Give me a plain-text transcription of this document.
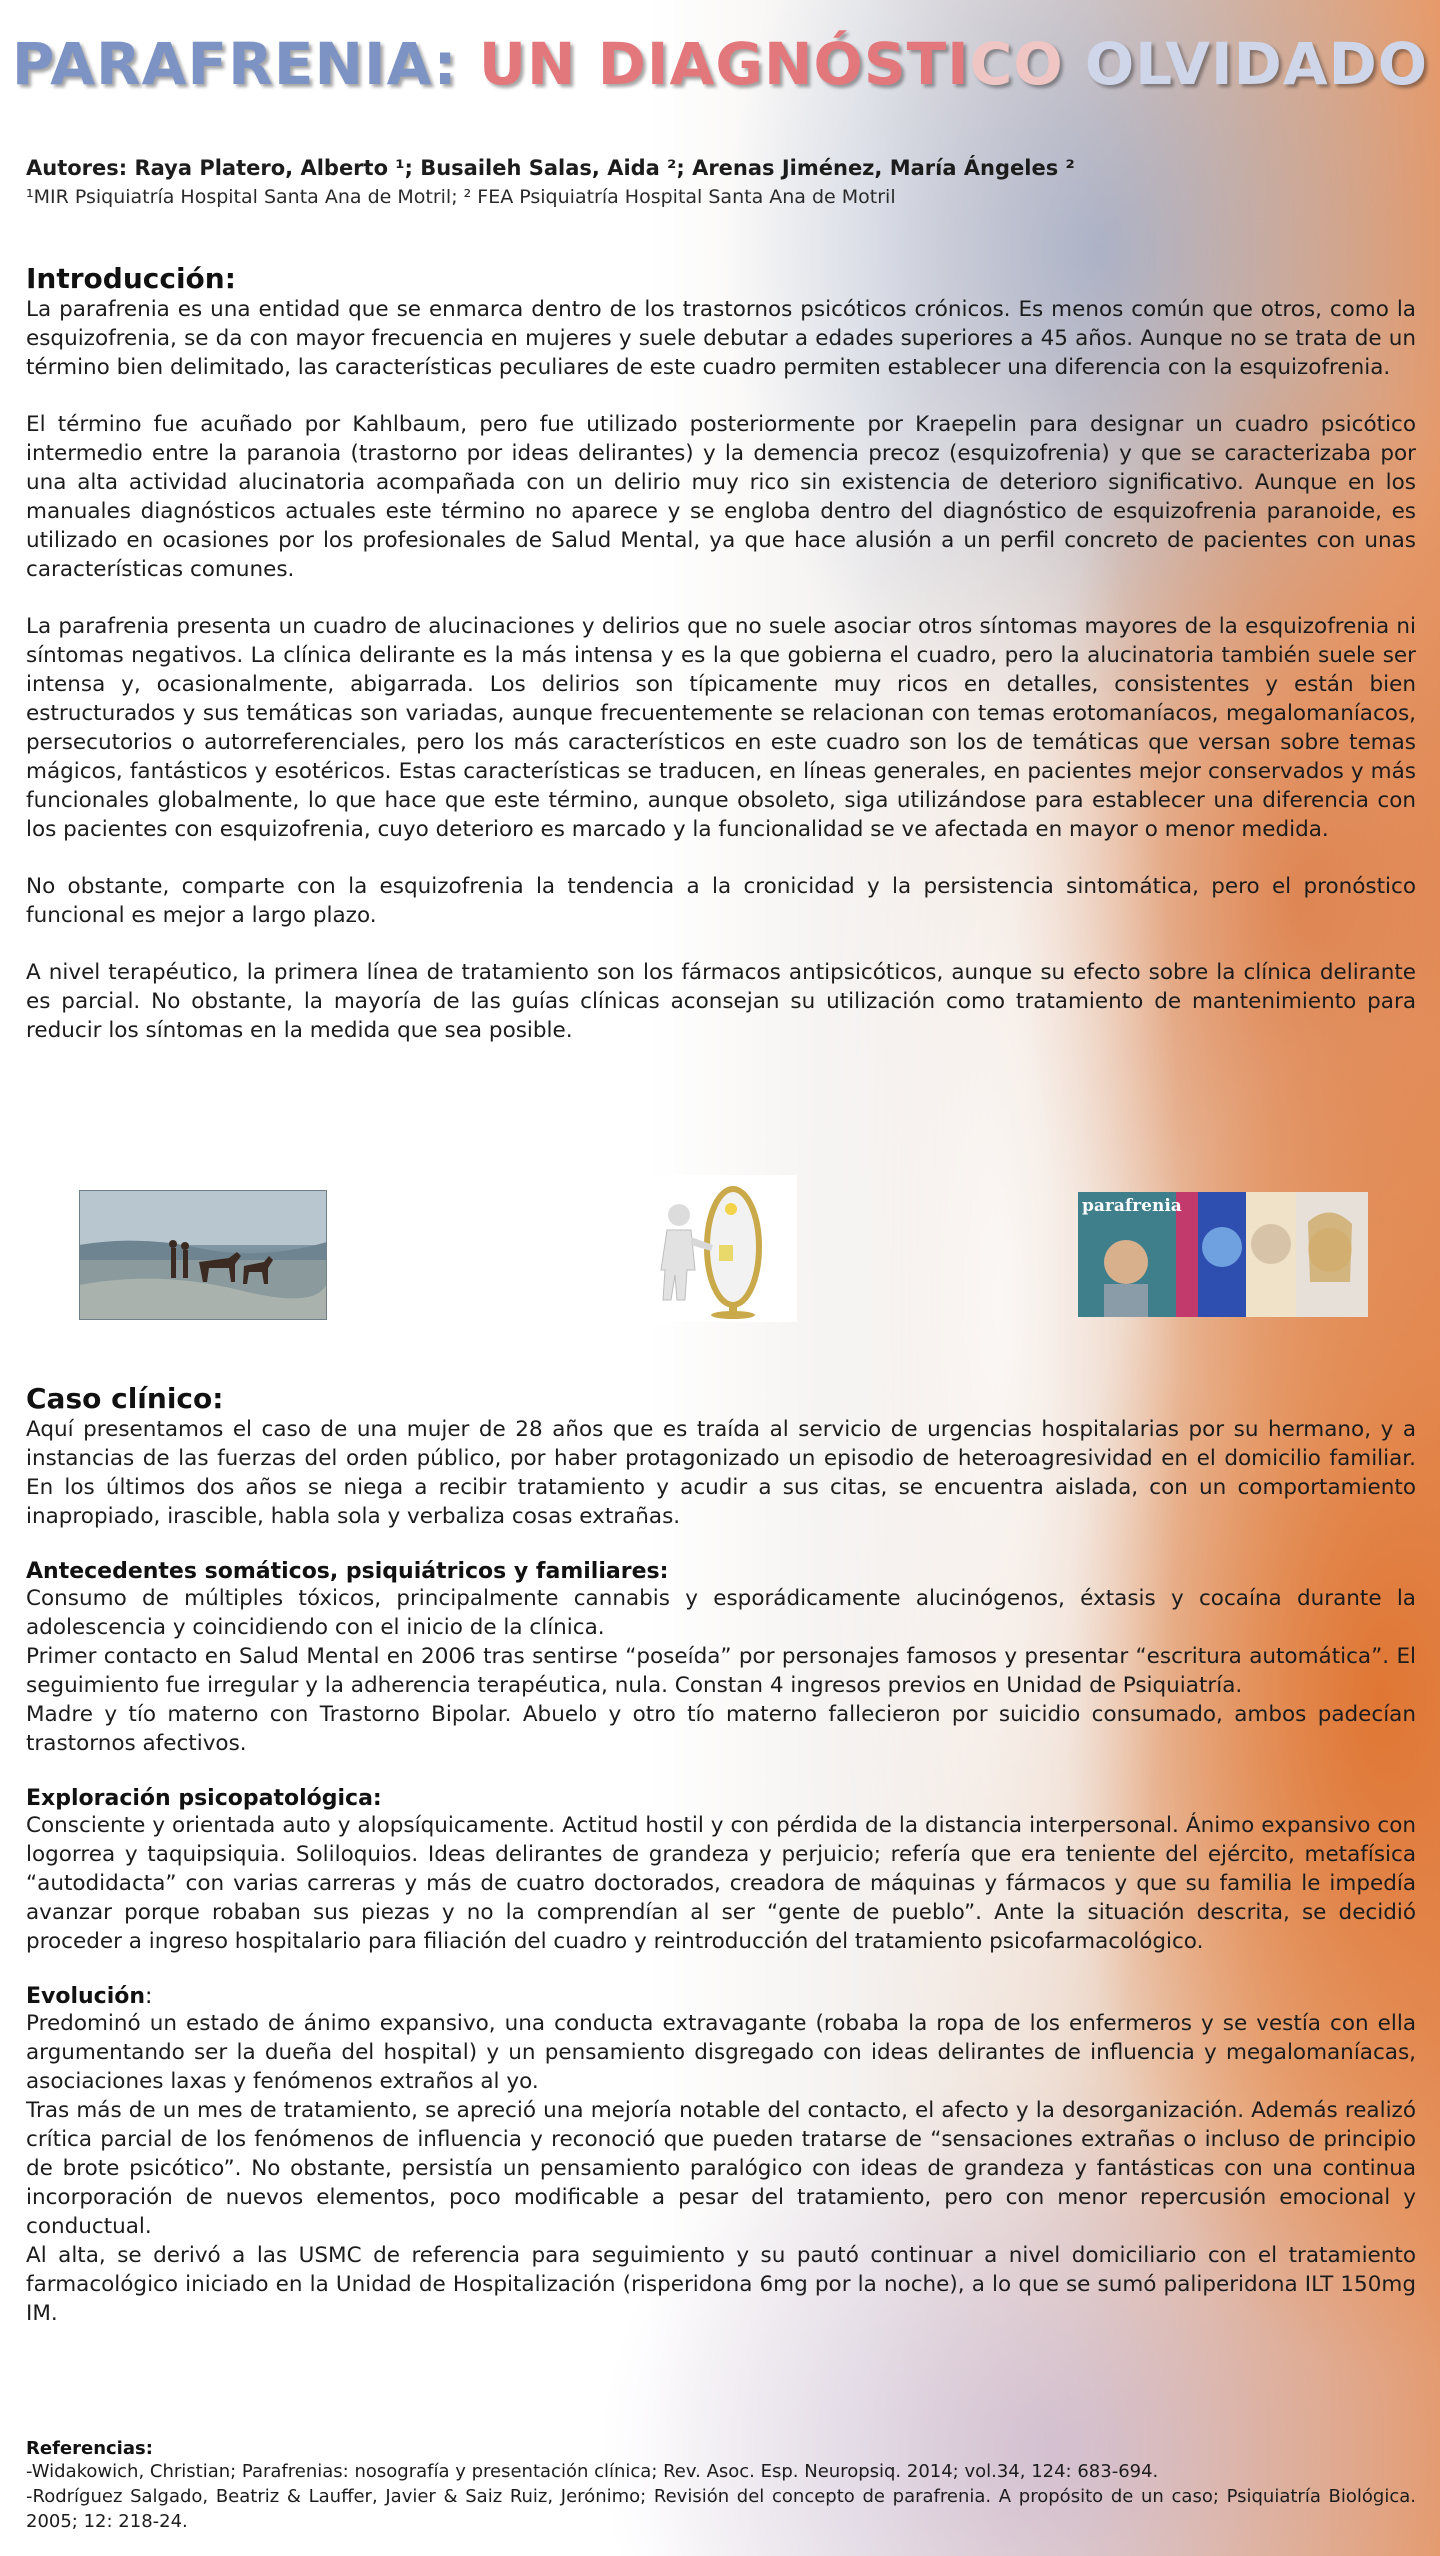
PARAFRENIA: UN DIAGNÓSTICO OLVIDADO
Autores: Raya Platero, Alberto ¹; Busaileh Salas, Aida ²; Arenas Jiménez, María Ángeles ²
¹MIR Psiquiatría Hospital Santa Ana de Motril; ² FEA Psiquiatría Hospital Santa Ana de Motril
Introducción:

La parafrenia es una entidad que se enmarca dentro de los trastornos psicóticos crónicos. Es menos común que otros, como la esquizofrenia, se da con mayor frecuencia en mujeres y suele debutar a edades superiores a 45 años. Aunque no se trata de un término bien delimitado, las características peculiares de este cuadro permiten establecer una diferencia con la esquizofrenia.

El término fue acuñado por Kahlbaum, pero fue utilizado posteriormente por Kraepelin para designar un cuadro psicótico intermedio entre la paranoia (trastorno por ideas delirantes) y la demencia precoz (esquizofrenia) y que se caracterizaba por una alta actividad alucinatoria acompañada con un delirio muy rico sin existencia de deterioro significativo. Aunque en los manuales diagnósticos actuales este término no aparece y se engloba dentro del diagnóstico de esquizofrenia paranoide, es utilizado en ocasiones por los profesionales de Salud Mental, ya que hace alusión a un perfil concreto de pacientes con unas características comunes.

La parafrenia presenta un cuadro de alucinaciones y delirios que no suele asociar otros síntomas mayores de la esquizofrenia ni síntomas negativos. La clínica delirante es la más intensa y es la que gobierna el cuadro, pero la alucinatoria también suele ser intensa y, ocasionalmente, abigarrada. Los delirios son típicamente muy ricos en detalles, consistentes y están bien estructurados y sus temáticas son variadas, aunque frecuentemente se relacionan con temas erotomaníacos, megalomaníacos, persecutorios o autorreferenciales, pero los más característicos en este cuadro son los de temáticas que versan sobre temas mágicos, fantásticos y esotéricos. Estas características se traducen, en líneas generales, en pacientes mejor conservados y más funcionales globalmente, lo que hace que este término, aunque obsoleto, siga utilizándose para establecer una diferencia con los pacientes con esquizofrenia, cuyo deterioro es marcado y la funcionalidad se ve afectada en mayor o menor medida.

No obstante, comparte con la esquizofrenia la tendencia a la cronicidad y la persistencia sintomática, pero el pronóstico funcional es mejor a largo plazo.

A nivel terapéutico, la primera línea de tratamiento son los fármacos antipsicóticos, aunque su efecto sobre la clínica delirante es parcial. No obstante, la mayoría de las guías clínicas aconsejan su utilización como tratamiento de mantenimiento para reducir los síntomas en la medida que sea posible.

parafrenia
Caso clínico:

Aquí presentamos el caso de una mujer de 28 años que es traída al servicio de urgencias hospitalarias por su hermano, y a instancias de las fuerzas del orden público, por haber protagonizado un episodio de heteroagresividad en el domicilio familiar. En los últimos dos años se niega a recibir tratamiento y acudir a sus citas, se encuentra aislada, con un comportamiento inapropiado, irascible, habla sola y verbaliza cosas extrañas.

Antecedentes somáticos, psiquiátricos y familiares:

Consumo de múltiples tóxicos, principalmente cannabis y esporádicamente alucinógenos, éxtasis y cocaína durante la adolescencia y coincidiendo con el inicio de la clínica.

Primer contacto en Salud Mental en 2006 tras sentirse “poseída” por personajes famosos y presentar “escritura automática”. El seguimiento fue irregular y la adherencia terapéutica, nula. Constan 4 ingresos previos en Unidad de Psiquiatría.

Madre y tío materno con Trastorno Bipolar. Abuelo y otro tío materno fallecieron por suicidio consumado, ambos padecían trastornos afectivos.

Exploración psicopatológica:

Consciente y orientada auto y alopsíquicamente. Actitud hostil y con pérdida de la distancia interpersonal. Ánimo expansivo con logorrea y taquipsiquia. Soliloquios. Ideas delirantes de grandeza y perjuicio; refería que era teniente del ejército, metafísica “autodidacta” con varias carreras y más de cuatro doctorados, creadora de máquinas y fármacos y que su familia le impedía avanzar porque robaban sus piezas y no la comprendían al ser “gente de pueblo”. Ante la situación descrita, se decidió proceder a ingreso hospitalario para filiación del cuadro y reintroducción del tratamiento psicofarmacológico.

Evolución:

Predominó un estado de ánimo expansivo, una conducta extravagante (robaba la ropa de los enfermeros y se vestía con ella argumentando ser la dueña del hospital) y un pensamiento disgregado con ideas delirantes de influencia y megalomaníacas, asociaciones laxas y fenómenos extraños al yo.

Tras más de un mes de tratamiento, se apreció una mejoría notable del contacto, el afecto y la desorganización. Además realizó crítica parcial de los fenómenos de influencia y reconoció que pueden tratarse de “sensaciones extrañas o incluso de principio de brote psicótico”. No obstante, persistía un pensamiento paralógico con ideas de grandeza y fantásticas con una continua incorporación de nuevos elementos, poco modificable a pesar del tratamiento, pero con menor repercusión emocional y conductual.

Al alta, se derivó a las USMC de referencia para seguimiento y su pautó continuar a nivel domiciliario con el tratamiento farmacológico iniciado en la Unidad de Hospitalización (risperidona 6mg por la noche), a lo que se sumó paliperidona ILT 150mg IM.

Referencias:

-Widakowich, Christian; Parafrenias: nosografía y presentación clínica; Rev. Asoc. Esp. Neuropsiq. 2014; vol.34, 124: 683-694.

-Rodríguez Salgado, Beatriz & Lauffer, Javier & Saiz Ruiz, Jerónimo; Revisión del concepto de parafrenia. A propósito de un caso; Psiquiatría Biológica. 2005; 12: 218-24.
